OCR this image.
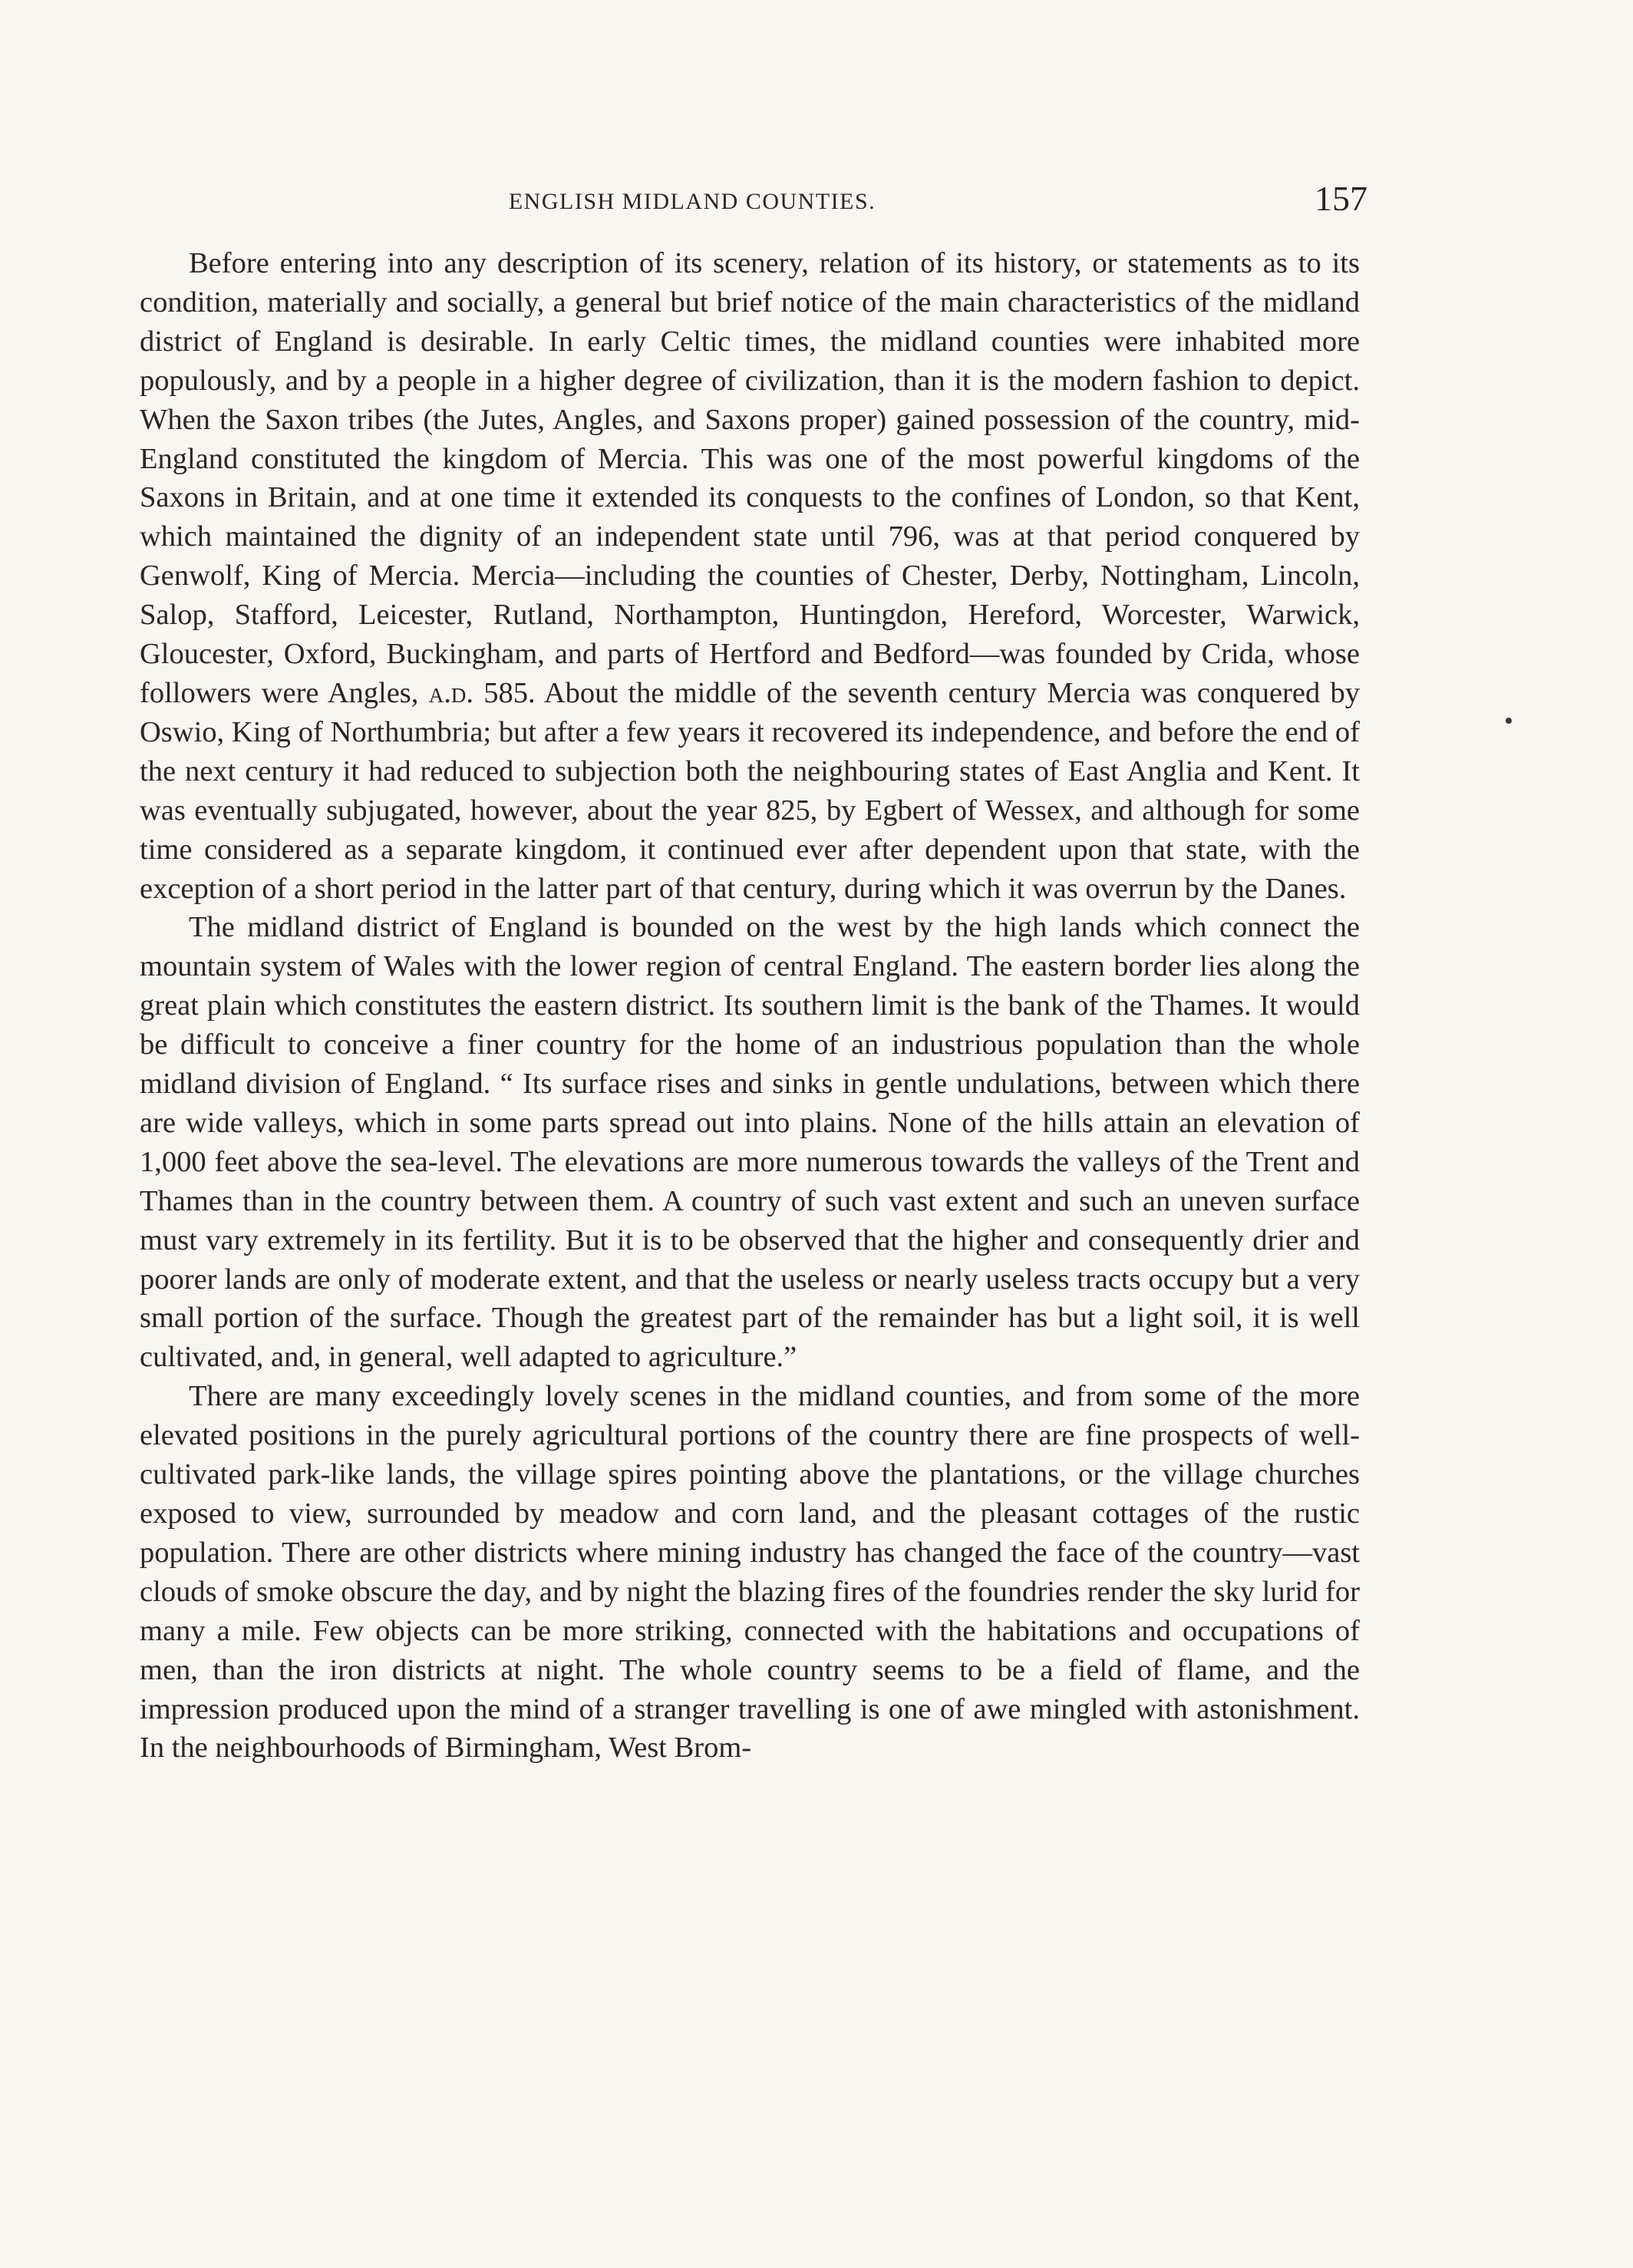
ENGLISH MIDLAND COUNTIES.	157

Before entering into any description of its scenery, relation of its history, or statements as to its condition, materially and socially, a general but brief notice of the main characteristics of the midland district of England is desirable. In early Celtic times, the midland counties were inhabited more populously, and by a people in a higher degree of civilization, than it is the modern fashion to depict. When the Saxon tribes (the Jutes, Angles, and Saxons proper) gained possession of the country, mid-England constituted the kingdom of Mercia. This was one of the most powerful kingdoms of the Saxons in Britain, and at one time it extended its conquests to the confines of London, so that Kent, which maintained the dignity of an independent state until 796, was at that period conquered by Genwolf, King of Mercia. Mercia—including the counties of Chester, Derby, Nottingham, Lincoln, Salop, Stafford, Leicester, Rutland, Northampton, Huntingdon, Hereford, Worcester, Warwick, Gloucester, Oxford, Buckingham, and parts of Hertford and Bedford—was founded by Crida, whose followers were Angles, a.d. 585. About the middle of the seventh century Mercia was conquered by Oswio, King of Northumbria; but after a few years it recovered its independence, and before the end of the next century it had reduced to subjection both the neighbouring states of East Anglia and Kent. It was eventually subjugated, however, about the year 825, by Egbert of Wessex, and although for some time considered as a separate kingdom, it continued ever after dependent upon that state, with the exception of a short period in the latter part of that century, during which it was overrun by the Danes.

The midland district of England is bounded on the west by the high lands which connect the mountain system of Wales with the lower region of central England. The eastern border lies along the great plain which constitutes the eastern district. Its southern limit is the bank of the Thames. It would be difficult to conceive a finer country for the home of an industrious population than the whole midland division of England. “ Its surface rises and sinks in gentle undulations, between which there are wide valleys, which in some parts spread out into plains. None of the hills attain an elevation of 1,000 feet above the sea-level. The elevations are more numerous towards the valleys of the Trent and Thames than in the country between them. A country of such vast extent and such an uneven surface must vary extremely in its fertility. But it is to be observed that the higher and consequently drier and poorer lands are only of moderate extent, and that the useless or nearly useless tracts occupy but a very small portion of the surface. Though the greatest part of the remainder has but a light soil, it is well cultivated, and, in general, well adapted to agriculture.”

There are many exceedingly lovely scenes in the midland counties, and from some of the more elevated positions in the purely agricultural portions of the country there are fine prospects of well-cultivated park-like lands, the village spires pointing above the plantations, or the village churches exposed to view, surrounded by meadow and corn land, and the pleasant cottages of the rustic population. There are other districts where mining industry has changed the face of the country—vast clouds of smoke obscure the day, and by night the blazing fires of the foundries render the sky lurid for many a mile. Few objects can be more striking, connected with the habitations and occupations of men, than the iron districts at night. The whole country seems to be a field of flame, and the impression produced upon the mind of a stranger travelling is one of awe mingled with astonishment. In the neighbourhoods of Birmingham, West Brom-
